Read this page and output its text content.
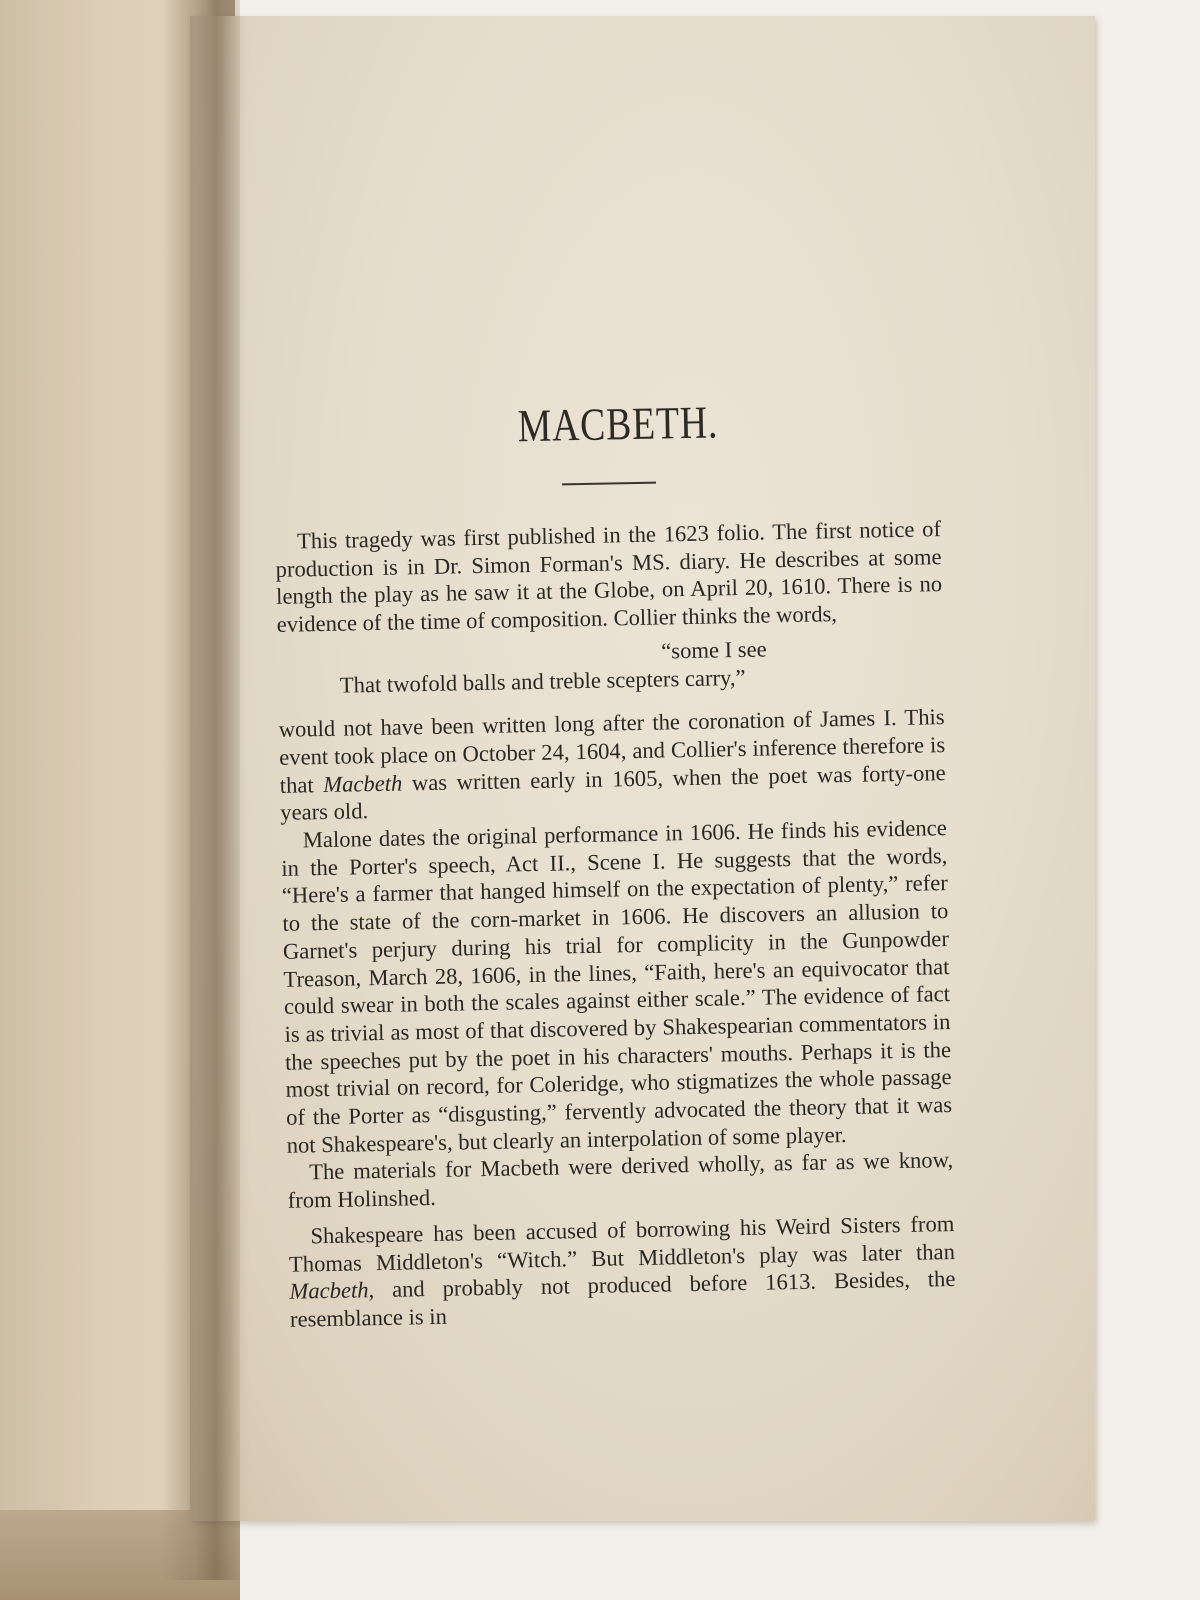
MACBETH.

This tragedy was first published in the 1623 folio. The first notice of production is in Dr. Simon Forman's MS. diary. He describes at some length the play as he saw it at the Globe, on April 20, 1610. There is no evidence of the time of composition. Collier thinks the words,

“some I see
That twofold balls and treble scepters carry,”

would not have been written long after the coronation of James I. This event took place on October 24, 1604, and Collier's inference therefore is that Macbeth was written early in 1605, when the poet was forty-one years old.

Malone dates the original performance in 1606. He finds his evidence in the Porter's speech, Act II., Scene I. He suggests that the words, “Here's a farmer that hanged himself on the expectation of plenty,” refer to the state of the corn-market in 1606. He discovers an allusion to Garnet's perjury during his trial for complicity in the Gunpowder Treason, March 28, 1606, in the lines, “Faith, here's an equivocator that could swear in both the scales against either scale.” The evidence of fact is as trivial as most of that discovered by Shakespearian commentators in the speeches put by the poet in his characters' mouths. Perhaps it is the most trivial on record, for Coleridge, who stigmatizes the whole passage of the Porter as “disgusting,” fervently advocated the theory that it was not Shakespeare's, but clearly an interpolation of some player.

The materials for Macbeth were derived wholly, as far as we know, from Holinshed.

Shakespeare has been accused of borrowing his Weird Sisters from Thomas Middleton's “Witch.” But Middleton's play was later than Macbeth, and probably not produced before 1613. Besides, the resemblance is in
